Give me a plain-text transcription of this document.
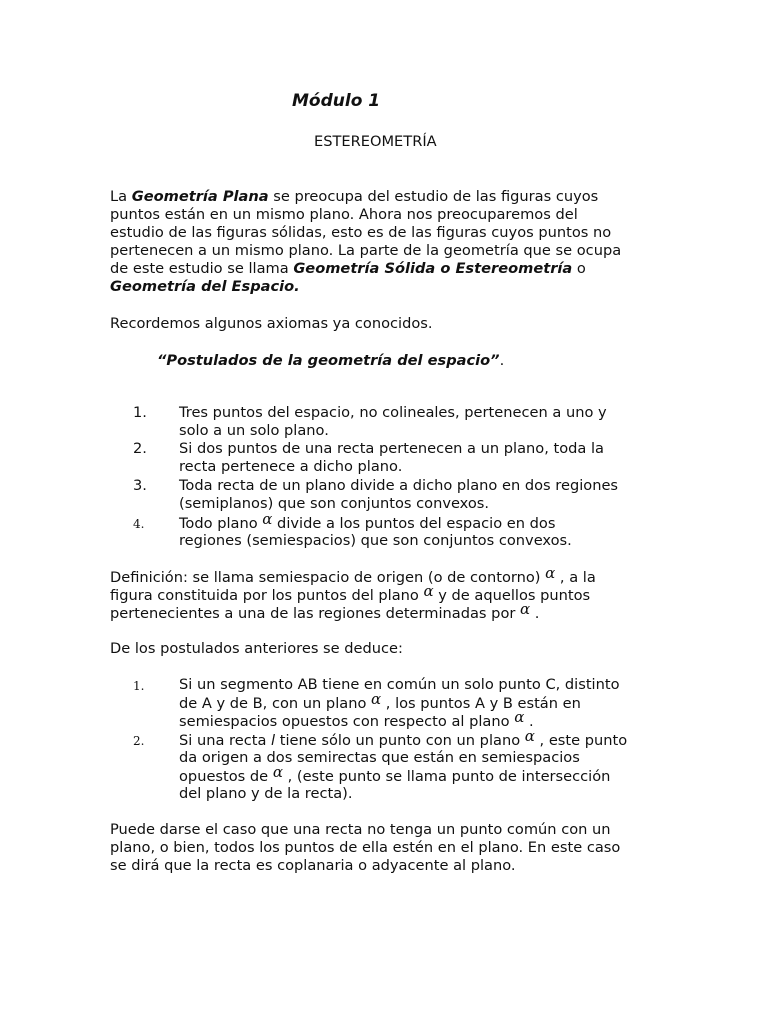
Módulo 1
ESTEREOMETRÍA
La Geometría Plana se preocupa del estudio de las figuras cuyos
puntos están en un mismo plano. Ahora nos preocuparemos del
estudio de las figuras sólidas, esto es de las figuras cuyos puntos no
pertenecen a un mismo plano. La parte de la geometría que se ocupa
de este estudio se llama Geometría Sólida o Estereometría o
Geometría del Espacio.
Recordemos algunos axiomas ya conocidos.
“Postulados de la geometría del espacio”.
1. Tres puntos del espacio, no colineales, pertenecen a uno y
solo a un solo plano.
2. Si dos puntos de una recta pertenecen a un plano, toda la
recta pertenece a dicho plano.
3. Toda recta de un plano divide a dicho plano en dos regiones
(semiplanos) que son conjuntos convexos.
4. Todo plano α divide a los puntos del espacio en dos
regiones (semiespacios) que son conjuntos convexos.
Definición: se llama semiespacio de origen (o de contorno) α , a la
figura constituida por los puntos del plano α y de aquellos puntos
pertenecientes a una de las regiones determinadas por α .
De los postulados anteriores se deduce:
1. Si un segmento AB tiene en común un solo punto C, distinto
de A y de B, con un plano α , los puntos A y B están en
semiespacios opuestos con respecto al plano α .
2. Si una recta l tiene sólo un punto con un plano α , este punto
da origen a dos semirectas que están en semiespacios
opuestos de α , (este punto se llama punto de intersección
del plano y de la recta).
Puede darse el caso que una recta no tenga un punto común con un
plano, o bien, todos los puntos de ella estén en el plano. En este caso
se dirá que la recta es coplanaria o adyacente al plano.
